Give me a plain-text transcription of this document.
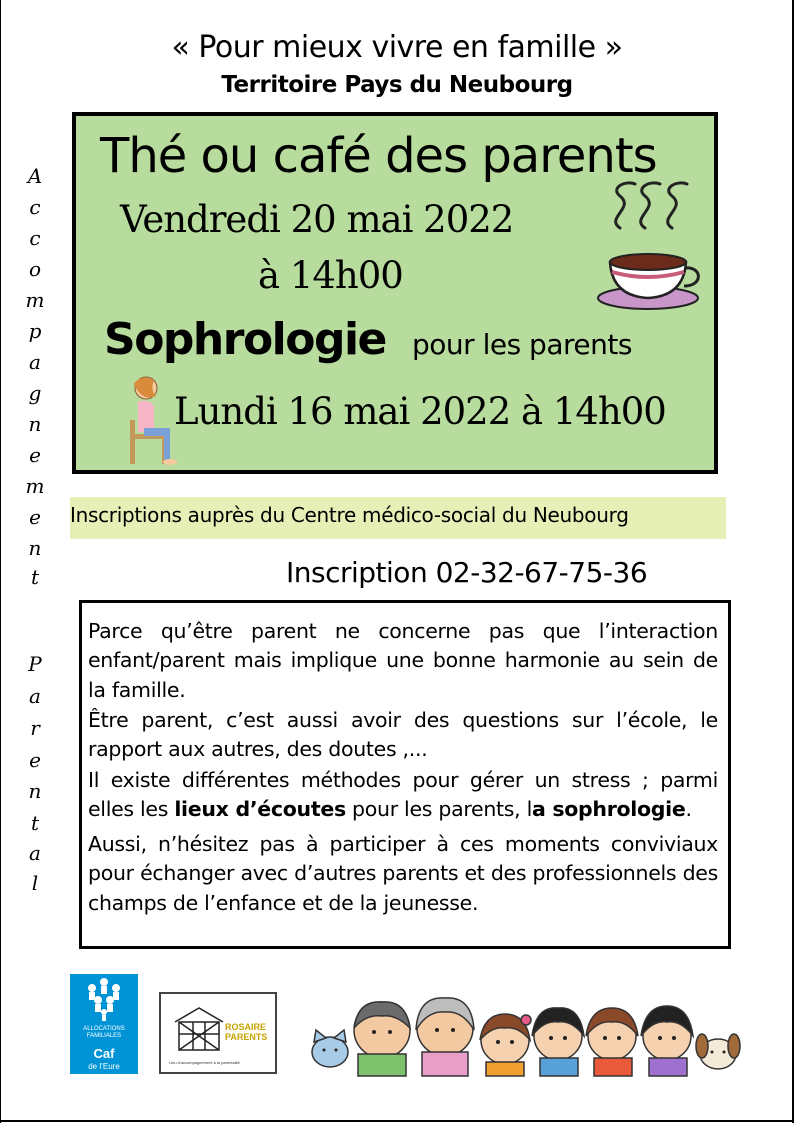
« Pour mieux vivre en famille »
Territoire Pays du Neubourg
Thé ou café des parents
Vendredi 20 mai 2022
à 14h00
Sophrologie pour les parents
Lundi 16 mai 2022 à 14h00
A
c
c
o
m
p
a
g
n
e
m
e
n
t
P
a
r
e
n
t
a
l
Inscriptions auprès du Centre médico-social du Neubourg
Inscription 02-32-67-75-36
Parce qu’être parent ne concerne pas que l’interaction enfant/parent mais implique une bonne harmonie au sein de la famille.
Être parent, c’est aussi avoir des questions sur l’école, le rapport aux autres, des doutes ,...
Il existe différentes méthodes pour gérer un stress ; parmi elles les lieux d’écoutes pour les parents, la sophrologie.
Aussi, n’hésitez pas à participer à ces moments conviviaux pour échanger avec d’autres parents et des professionnels des champs de l’enfance et de la jeunesse.
ALLOCATIONS FAMILIALES
Caf
de l’Eure
ROSAIRE PARENTS
Lieu d'accompagnement à la parentalité
